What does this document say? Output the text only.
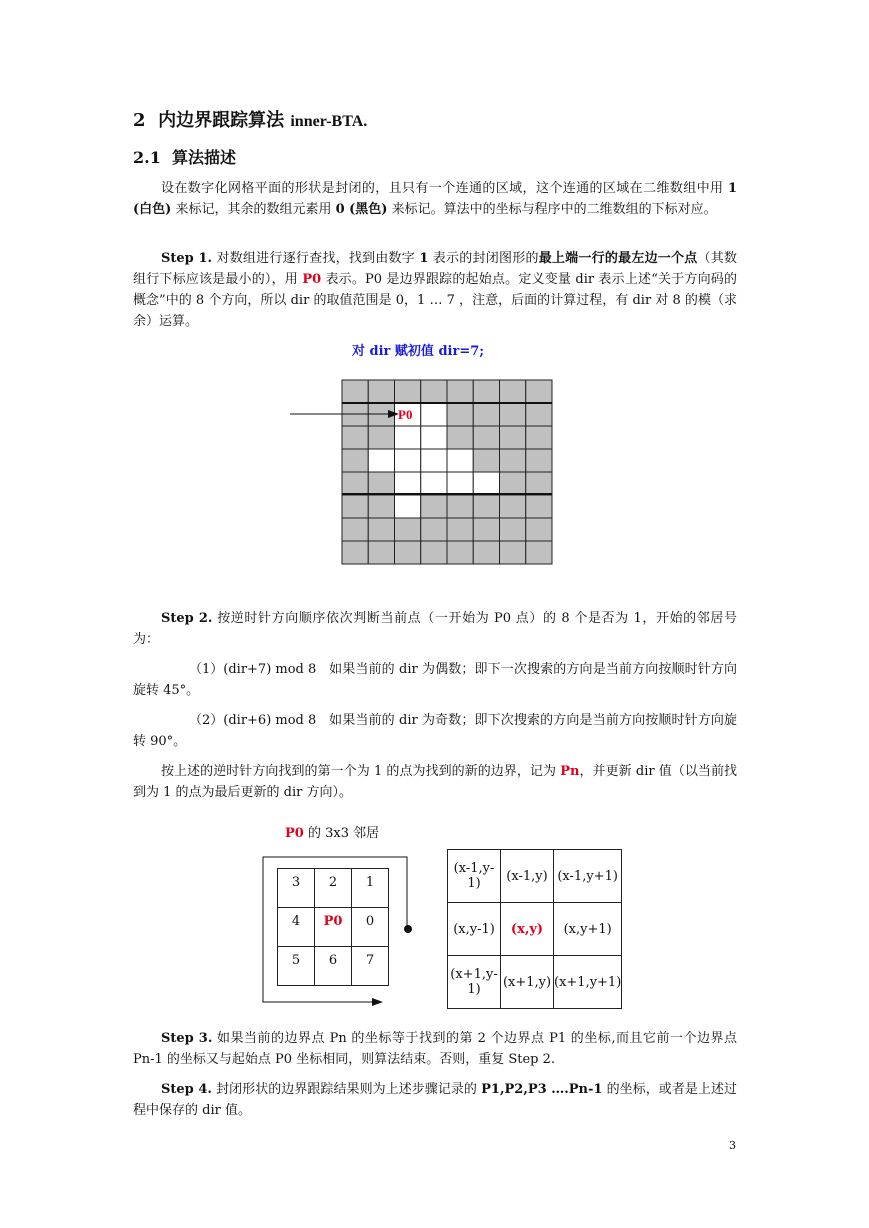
2 内边界跟踪算法 inner-BTA.
2.1 算法描述

设在数字化网格平面的形状是封闭的，且只有一个连通的区域，这个连通的区域在二维数组中用 1 (白色) 来标记，其余的数组元素用 0 (黑色) 来标记。算法中的坐标与程序中的二维数组的下标对应。

Step 1. 对数组进行逐行查找，找到由数字 1 表示的封闭图形的最上端一行的最左边一个点（其数组行下标应该是最小的），用 P0 表示。P0 是边界跟踪的起始点。定义变量 dir 表示上述“关于方向码的概念”中的 8 个方向，所以 dir 的取值范围是 0，1 … 7 ，注意，后面的计算过程，有 dir 对 8 的模（求余）运算。

对 dir 赋初值 dir=7;

P0

Step 2. 按逆时针方向顺序依次判断当前点（一开始为 P0 点）的 8 个是否为 1，开始的邻居号为：

（1）(dir+7) mod 8 如果当前的 dir 为偶数；即下一次搜索的方向是当前方向按顺时针方向旋转 45°。

（2）(dir+6) mod 8 如果当前的 dir 为奇数；即下次搜索的方向是当前方向按顺时针方向旋转 90°。

按上述的逆时针方向找到的第一个为 1 的点为找到的新的边界，记为 Pn，并更新 dir 值（以当前找到为 1 的点为最后更新的 dir 方向）。

P0 的 3x3 邻居
3	2	1
4	P0	0
5	6	7
(x-1,y-1)	(x-1,y)	(x-1,y+1)
(x,y-1)	(x,y)	(x,y+1)
(x+1,y-1)	(x+1,y)	(x+1,y+1)

Step 3. 如果当前的边界点 Pn 的坐标等于找到的第 2 个边界点 P1 的坐标,而且它前一个边界点 Pn-1 的坐标又与起始点 P0 坐标相同，则算法结束。否则，重复 Step 2.

Step 4. 封闭形状的边界跟踪结果则为上述步骤记录的 P1,P2,P3 ….Pn-1 的坐标，或者是上述过程中保存的 dir 值。

3
